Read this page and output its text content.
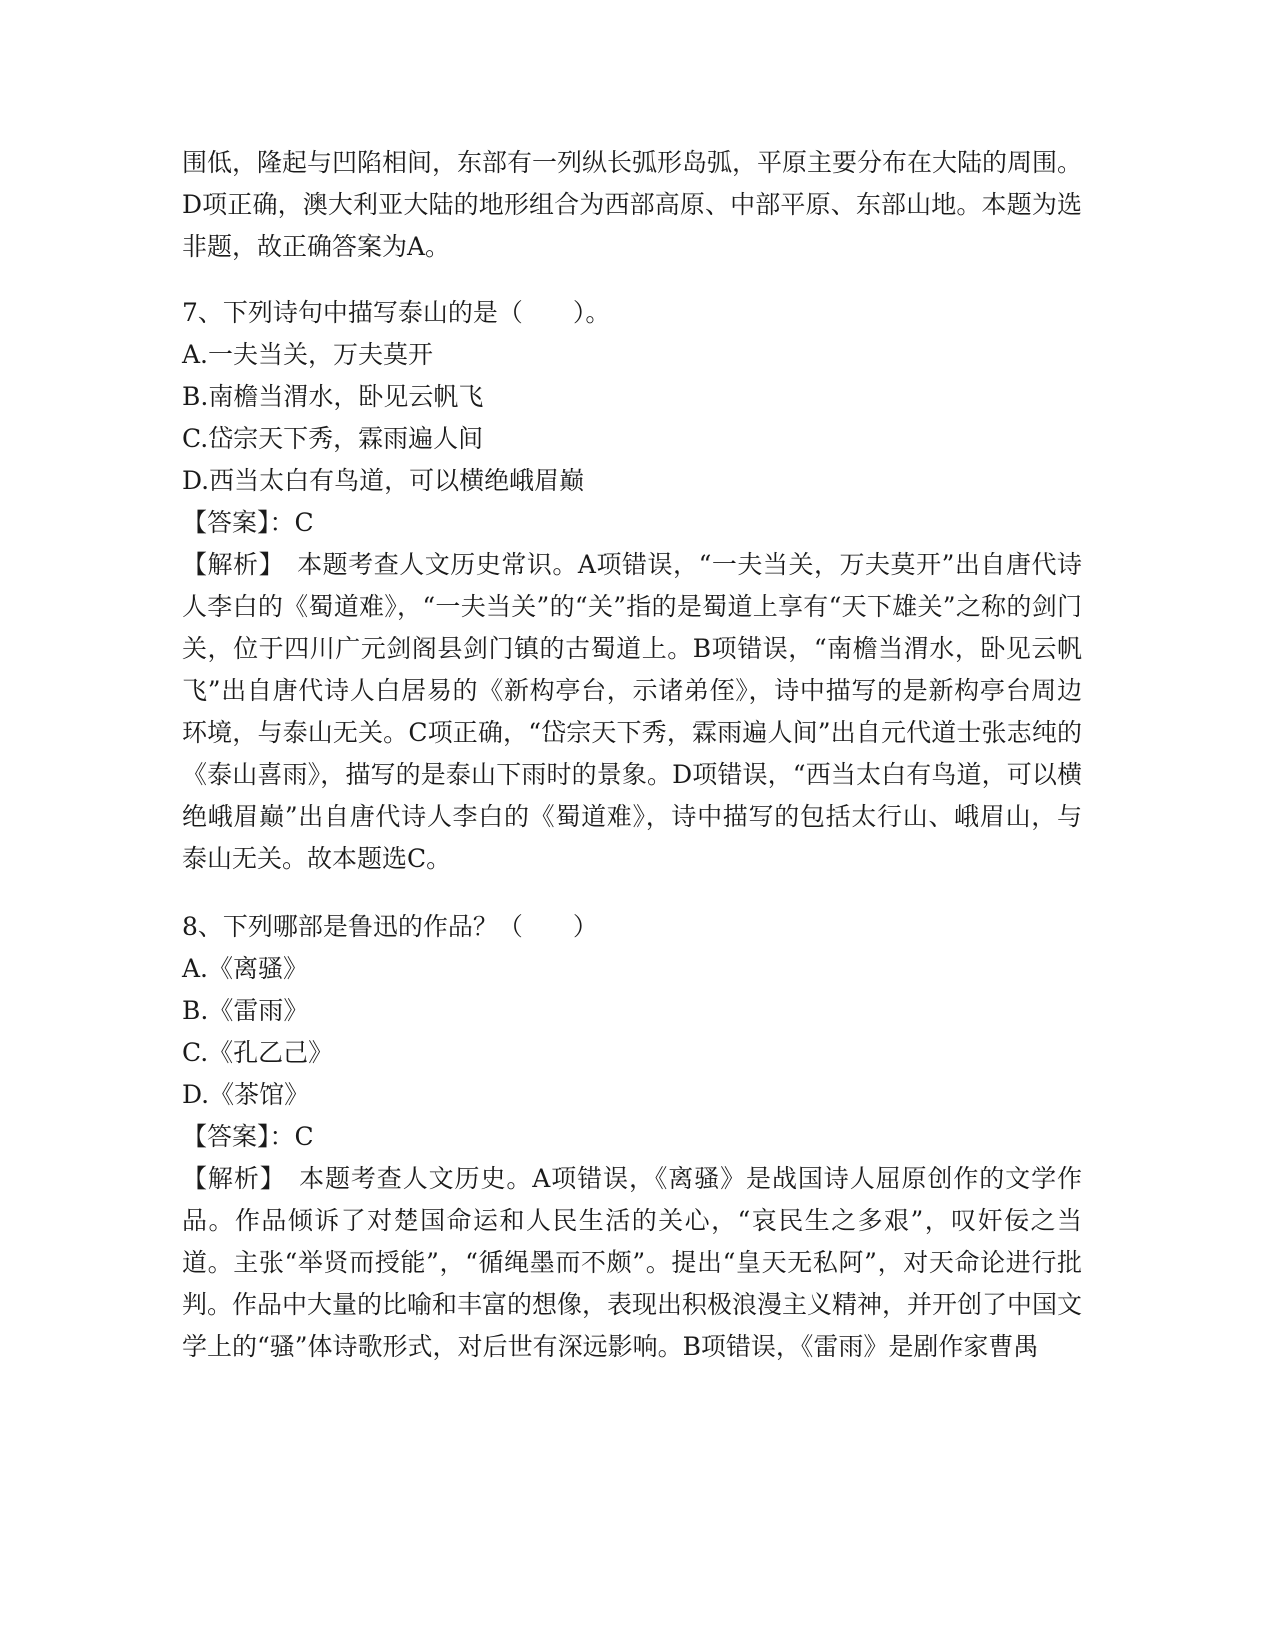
围低，隆起与凹陷相间，东部有一列纵长弧形岛弧，平原主要分布在大陆的周围。D项正确，澳大利亚大陆的地形组合为西部高原、中部平原、东部山地。本题为选非题，故正确答案为A。

7、下列诗句中描写泰山的是（　　）。
A.一夫当关，万夫莫开
B.南檐当渭水，卧见云帆飞
C.岱宗天下秀，霖雨遍人间
D.西当太白有鸟道，可以横绝峨眉巅
【答案】：C

【解析】　本题考查人文历史常识。A项错误，“一夫当关，万夫莫开”出自唐代诗人李白的《蜀道难》，“一夫当关”的“关”指的是蜀道上享有“天下雄关”之称的剑门关，位于四川广元剑阁县剑门镇的古蜀道上。B项错误，“南檐当渭水，卧见云帆飞”出自唐代诗人白居易的《新构亭台，示诸弟侄》，诗中描写的是新构亭台周边环境，与泰山无关。C项正确，“岱宗天下秀，霖雨遍人间”出自元代道士张志纯的《泰山喜雨》，描写的是泰山下雨时的景象。D项错误，“西当太白有鸟道，可以横绝峨眉巅”出自唐代诗人李白的《蜀道难》，诗中描写的包括太行山、峨眉山，与泰山无关。故本题选C。

8、下列哪部是鲁迅的作品？（　　）
A.《离骚》
B.《雷雨》
C.《孔乙己》
D.《茶馆》
【答案】：C

【解析】　本题考查人文历史。A项错误，《离骚》是战国诗人屈原创作的文学作品。作品倾诉了对楚国命运和人民生活的关心，“哀民生之多艰”，叹奸佞之当道。主张“举贤而授能”，“循绳墨而不颇”。提出“皇天无私阿”，对天命论进行批判。作品中大量的比喻和丰富的想像，表现出积极浪漫主义精神，并开创了中国文学上的“骚”体诗歌形式，对后世有深远影响。B项错误，《雷雨》是剧作家曹禺
